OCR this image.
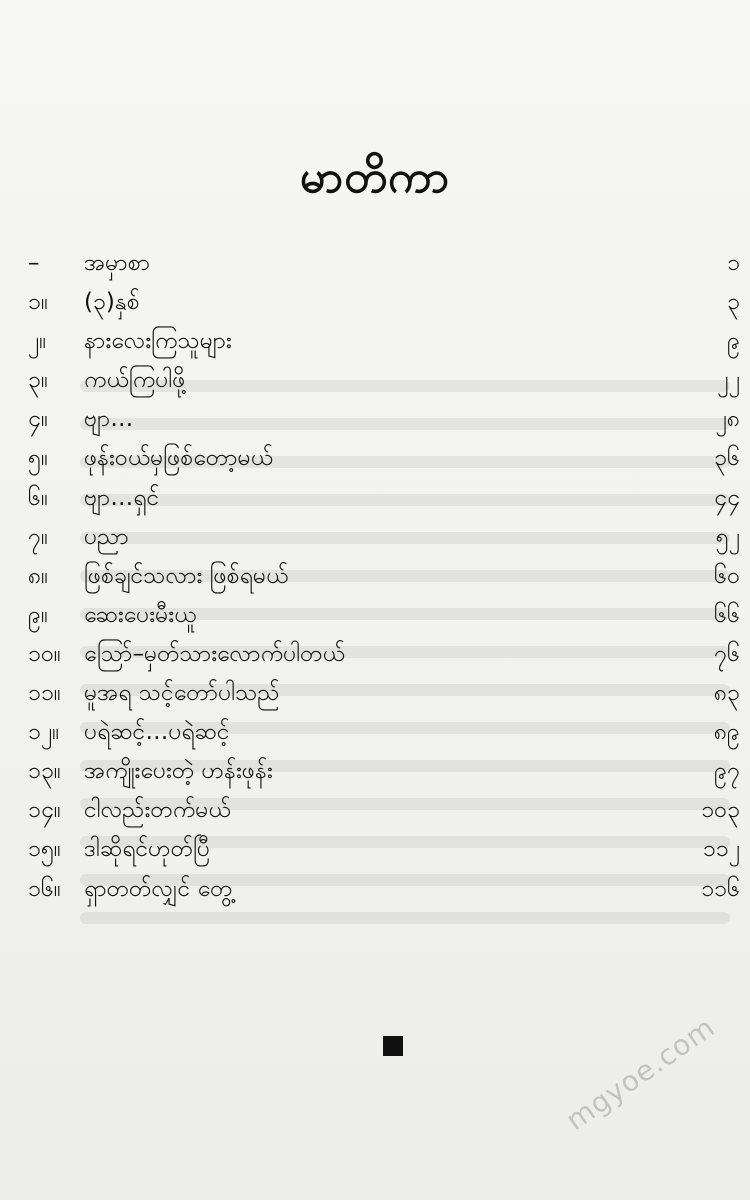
မာတိကာ
–	အမှာစာ	၁
၁။	(၃)နှစ်	၃
၂။	နားလေးကြသူများ	၉
၃။	ကယ်ကြပါဖို့	၂၂
၄။	ဗျာ…	၂၈
၅။	ဖုန်းဝယ်မှဖြစ်တော့မယ်	၃၆
၆။	ဗျာ…ရှင်	၄၄
၇။	ပညာ	၅၂
၈။	ဖြစ်ချင်သလား ဖြစ်ရမယ်	၆၀
၉။	ဆေးပေးမီးယူ	၆၆
၁၀။	ဩော်–မှတ်သားလောက်ပါတယ်	၇၆
၁၁။	မူအရ သင့်တော်ပါသည်	၈၃
၁၂။	ပရဲဆင့်…ပရဲဆင့်	၈၉
၁၃။	အကျိုးပေးတဲ့ ဟန်းဖုန်း	၉၇
၁၄။	ငါလည်းတက်မယ်	၁၀၃
၁၅။	ဒါဆိုရင်ဟုတ်ပြီ	၁၁၂
၁၆။	ရှာတတ်လျှင် တွေ့	၁၁၆
mgyoe.com
